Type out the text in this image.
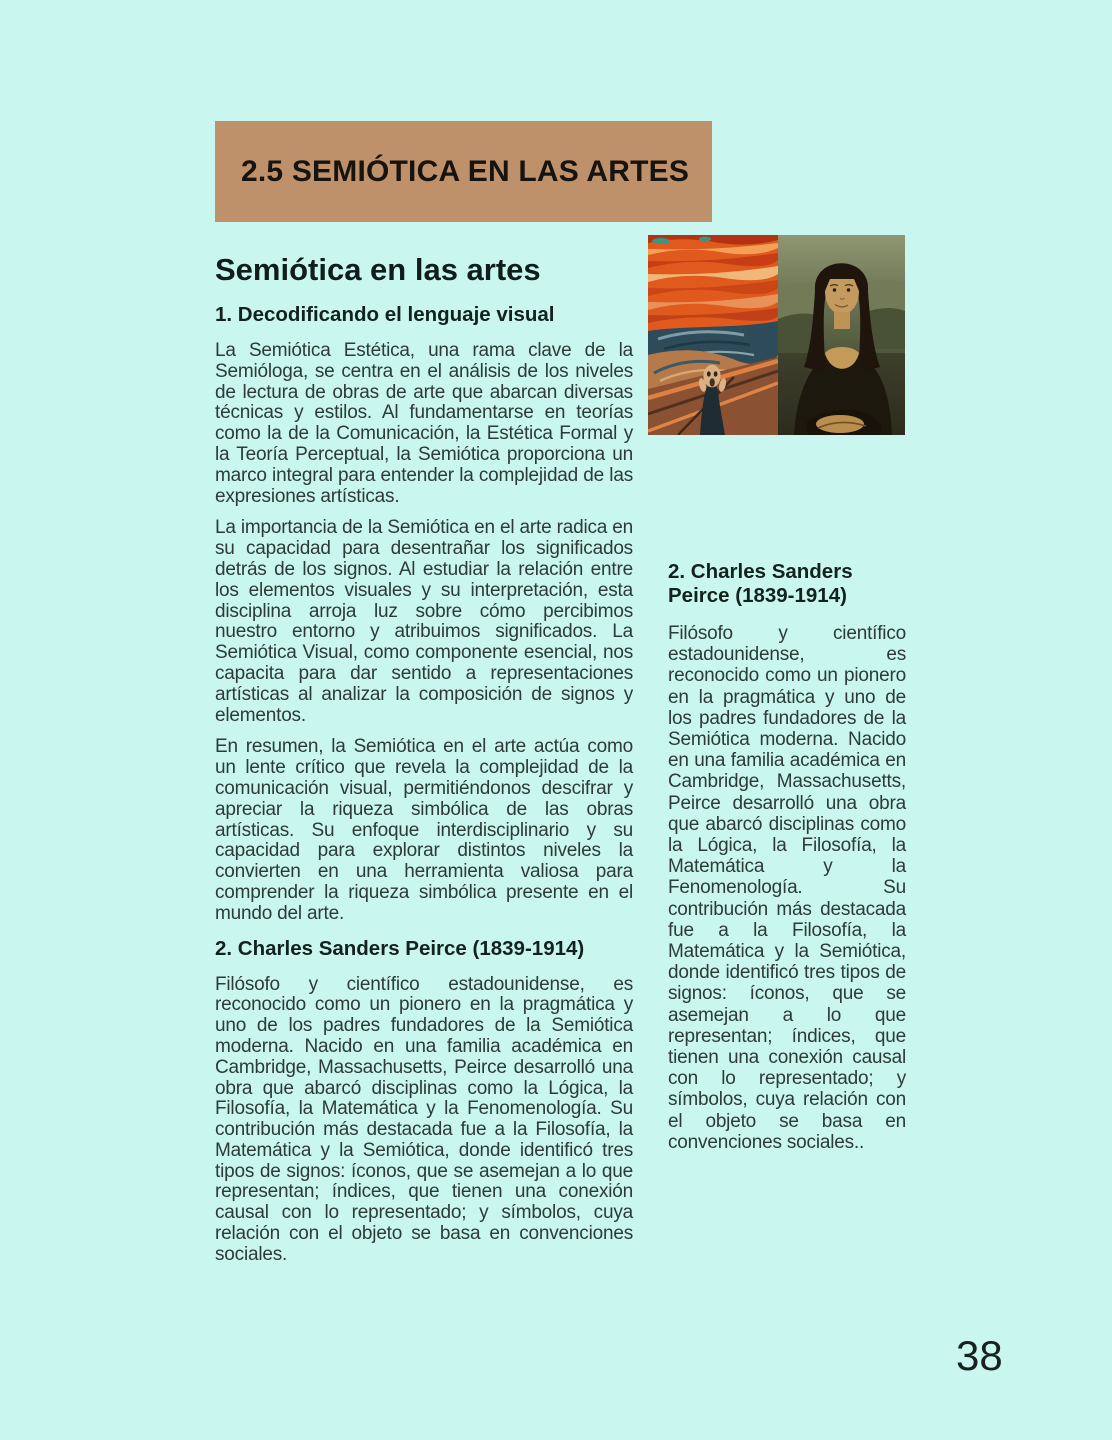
2.5 SEMIÓTICA EN LAS ARTES
Semiótica en las artes
1. Decodificando el lenguaje visual

La Semiótica Estética, una rama clave de la Semióloga, se centra en el análisis de los niveles de lectura de obras de arte que abarcan diversas técnicas y estilos. Al fundamentarse en teorías como la de la Comunicación, la Estética Formal y la Teoría Perceptual, la Semiótica proporciona un marco integral para entender la complejidad de las expresiones artísticas.

La importancia de la Semiótica en el arte radica en su capacidad para desentrañar los significados detrás de los signos. Al estudiar la relación entre los elementos visuales y su interpretación, esta disciplina arroja luz sobre cómo percibimos nuestro entorno y atribuimos significados. La Semiótica Visual, como componente esencial, nos capacita para dar sentido a representaciones artísticas al analizar la composición de signos y elementos.

En resumen, la Semiótica en el arte actúa como un lente crítico que revela la complejidad de la comunicación visual, permitiéndonos descifrar y apreciar la riqueza simbólica de las obras artísticas. Su enfoque interdisciplinario y su capacidad para explorar distintos niveles la convierten en una herramienta valiosa para comprender la riqueza simbólica presente en el mundo del arte.

2. Charles Sanders Peirce (1839-1914)

Filósofo y científico estadounidense, es reconocido como un pionero en la pragmática y uno de los padres fundadores de la Semiótica moderna. Nacido en una familia académica en Cambridge, Massachusetts, Peirce desarrolló una obra que abarcó disciplinas como la Lógica, la Filosofía, la Matemática y la Fenomenología. Su contribución más destacada fue a la Filosofía, la Matemática y la Semiótica, donde identificó tres tipos de signos: íconos, que se asemejan a lo que representan; índices, que tienen una conexión causal con lo representado; y símbolos, cuya relación con el objeto se basa en convenciones sociales.

2. Charles Sanders Peirce (1839-1914)

Filósofo y científico estadounidense, es reconocido como un pionero en la pragmática y uno de los padres fundadores de la Semiótica moderna. Nacido en una familia académica en Cambridge, Massachusetts, Peirce desarrolló una obra que abarcó disciplinas como la Lógica, la Filosofía, la Matemática y la Fenomenología. Su contribución más destacada fue a la Filosofía, la Matemática y la Semiótica, donde identificó tres tipos de signos: íconos, que se asemejan a lo que representan; índices, que tienen una conexión causal con lo representado; y símbolos, cuya relación con el objeto se basa en convenciones sociales..

38
